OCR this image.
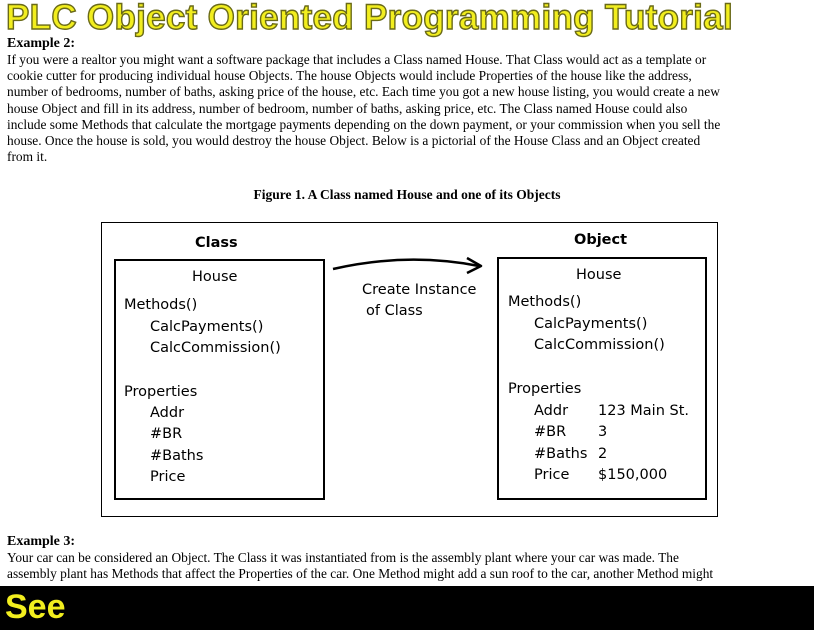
PLC Object Oriented Programming Tutorial
Example 2:
If you were a realtor you might want a software package that includes a Class named House. That Class would act as a template or
cookie cutter for producing individual house Objects. The house Objects would include Properties of the house like the address,
number of bedrooms, number of baths, asking price of the house, etc. Each time you got a new house listing, you would create a new
house Object and fill in its address, number of bedroom, number of baths, asking price, etc. The Class named House could also
include some Methods that calculate the mortgage payments depending on the down payment, or your commission when you sell the
house. Once the house is sold, you would destroy the house Object. Below is a pictorial of the House Class and an Object created
from it.
Figure 1. A Class named House and one of its Objects
Class
House
Methods()
CalcPayments()
CalcCommission()
Properties
Addr
#BR
#Baths
Price
Create Instance
of Class
Object
House
Methods()
CalcPayments()
CalcCommission()
Properties
Addr 123 Main St.
#BR 3
#Baths 2
Price $150,000
Example 3:
Your car can be considered an Object. The Class it was instantiated from is the assembly plant where your car was made. The
assembly plant has Methods that affect the Properties of the car. One Method might add a sun roof to the car, another Method might
See
